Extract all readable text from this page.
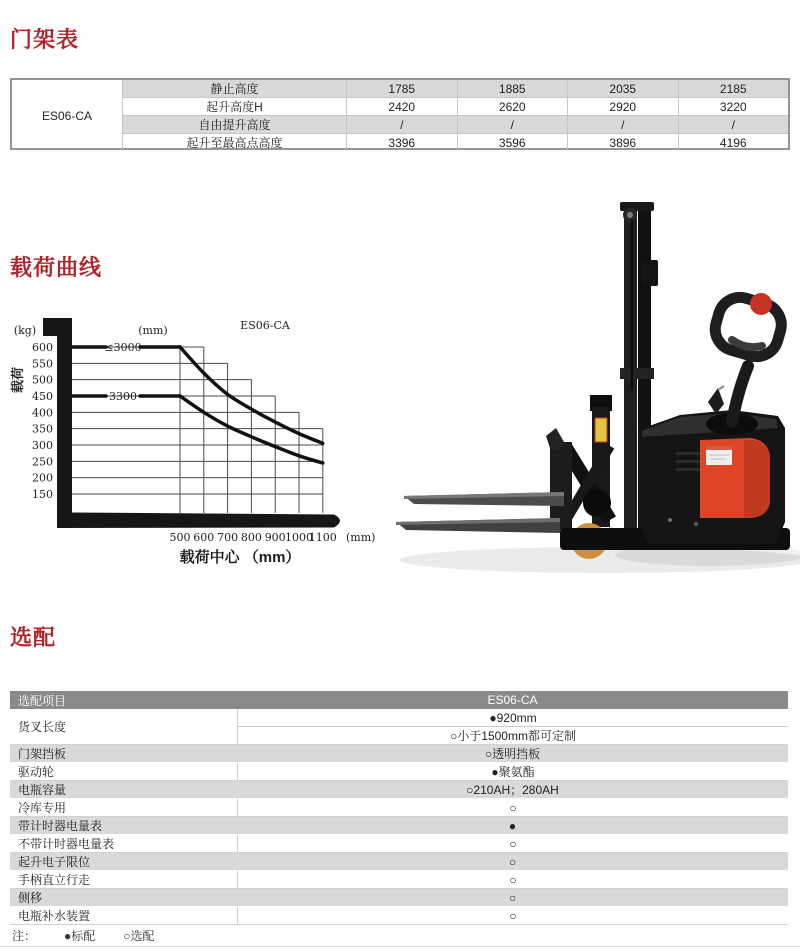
门架表
ES06-CA
静止高度	1785	1885	2035	2185
起升高度H	2420	2620	2920	3220
自由提升高度	/	/	/	/
起升至最高点高度	3396	3596	3896	4196
载荷曲线
600
550
500
450
400
350
300
250
200
150
500 600 700 800 900 1000
1100 (mm)
(kg)	(mm)	ES06-CA
载荷
载荷中心 （mm）
≤3000
3300
选配
选配项目	ES06-CA
货叉长度
●920mm
○小于1500mm都可定制
门架挡板	○透明挡板
驱动轮	●聚氨酯
电瓶容量	○210AH；280AH
冷库专用	○
带计时器电量表	●
不带计时器电量表	○
起升电子限位	○
手柄直立行走	○
侧移	○
电瓶补水装置	○
注： ●标配 ○选配
